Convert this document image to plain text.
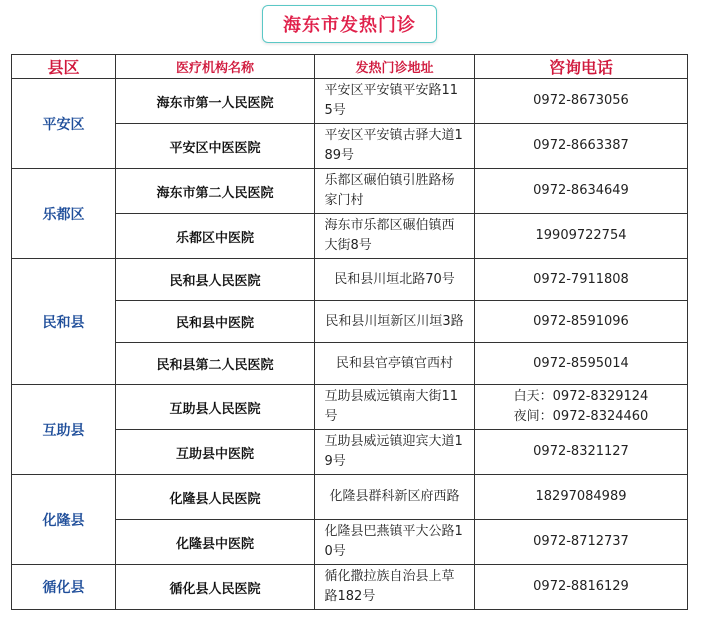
海东市发热门诊
县区	医疗机构名称	发热门诊地址	咨询电话
平安区	海东市第一人民医院	平安区平安镇平安路115号	0972-8673056
	平安区中医医院	平安区平安镇古驿大道189号	0972-8663387
乐都区	海东市第二人民医院	乐都区碾伯镇引胜路杨家门村	0972-8634649
	乐都区中医院	海东市乐都区碾伯镇西大街8号	19909722754
民和县	民和县人民医院	民和县川垣北路70号	0972-7911808
	民和县中医院	民和县川垣新区川垣3路	0972-8591096
	民和县第二人民医院	民和县官亭镇官西村	0972-8595014
互助县	互助县人民医院	互助县威远镇南大街11号	白天：0972-8329124
夜间：0972-8324460

	互助县中医院	互助县威远镇迎宾大道19号	0972-8321127
化隆县	化隆县人民医院	化隆县群科新区府西路	18297084989
	化隆县中医院	化隆县巴燕镇平大公路10号	0972-8712737
循化县	循化县人民医院	循化撒拉族自治县上草路182号	0972-8816129
